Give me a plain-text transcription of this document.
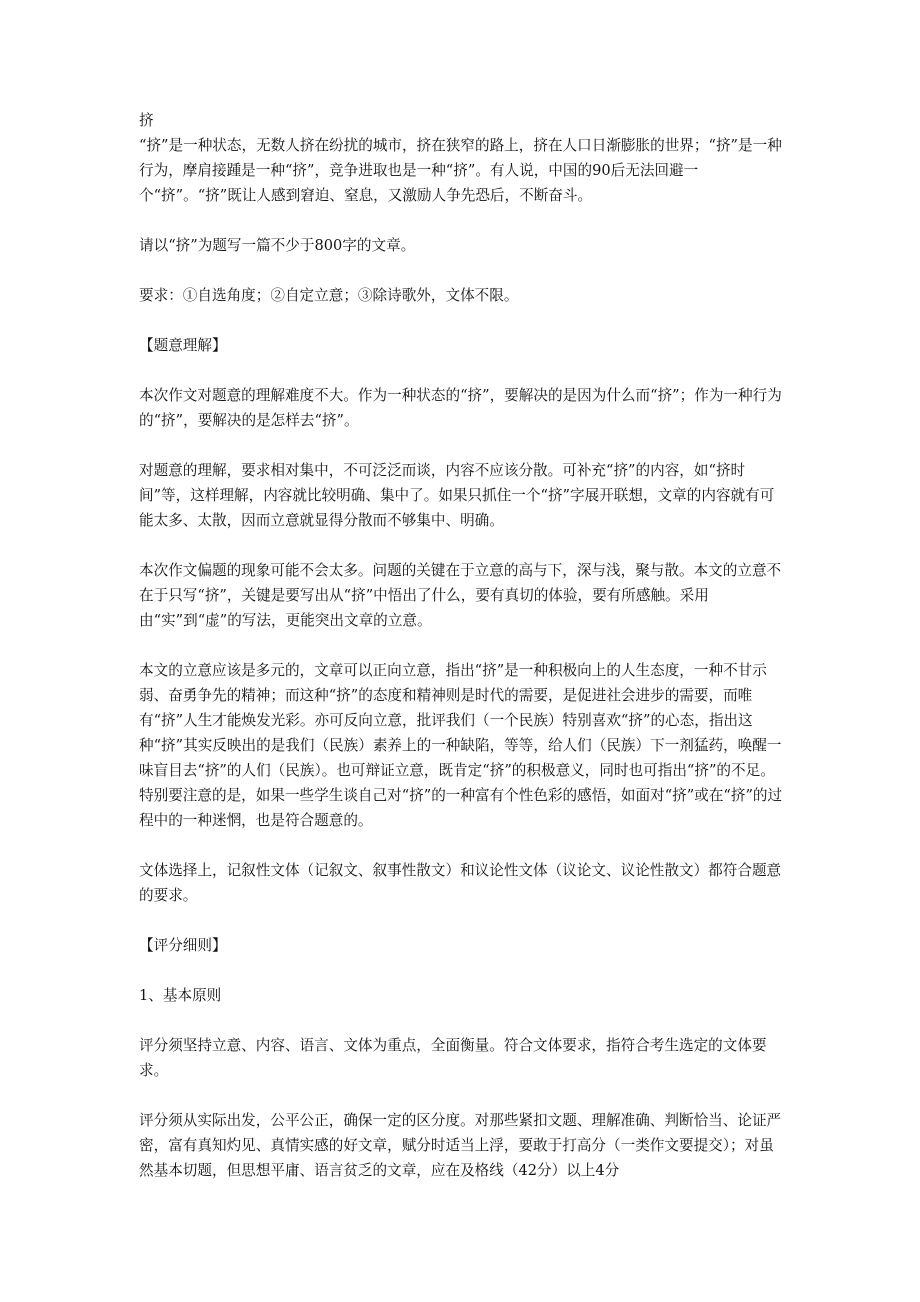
挤

“挤”是一种状态，无数人挤在纷扰的城市，挤在狭窄的路上，挤在人口日渐膨胀的世界；“挤”是一种行为，摩肩接踵是一种“挤”，竞争进取也是一种“挤”。有人说，中国的90后无法回避一个“挤”。“挤”既让人感到窘迫、窒息，又激励人争先恐后，不断奋斗。

请以“挤”为题写一篇不少于800字的文章。

要求：①自选角度；②自定立意；③除诗歌外，文体不限。

【题意理解】

本次作文对题意的理解难度不大。作为一种状态的“挤”，要解决的是因为什么而“挤”；作为一种行为的“挤”，要解决的是怎样去“挤”。

对题意的理解，要求相对集中，不可泛泛而谈，内容不应该分散。可补充“挤”的内容，如“挤时间”等，这样理解，内容就比较明确、集中了。如果只抓住一个“挤”字展开联想，文章的内容就有可能太多、太散，因而立意就显得分散而不够集中、明确。

本次作文偏题的现象可能不会太多。问题的关键在于立意的高与下，深与浅，聚与散。本文的立意不在于只写“挤”，关键是要写出从“挤”中悟出了什么，要有真切的体验，要有所感触。采用由“实”到“虚”的写法，更能突出文章的立意。

本文的立意应该是多元的，文章可以正向立意，指出“挤”是一种积极向上的人生态度，一种不甘示弱、奋勇争先的精神；而这种“挤”的态度和精神则是时代的需要，是促进社会进步的需要，而唯有“挤”人生才能焕发光彩。亦可反向立意，批评我们（一个民族）特别喜欢“挤”的心态，指出这种“挤”其实反映出的是我们（民族）素养上的一种缺陷，等等，给人们（民族）下一剂猛药，唤醒一味盲目去“挤”的人们（民族）。也可辩证立意，既肯定“挤”的积极意义，同时也可指出“挤”的不足。特别要注意的是，如果一些学生谈自己对“挤”的一种富有个性色彩的感悟，如面对“挤”或在“挤”的过程中的一种迷惘，也是符合题意的。

文体选择上，记叙性文体（记叙文、叙事性散文）和议论性文体（议论文、议论性散文）都符合题意的要求。

【评分细则】

1、基本原则

评分须坚持立意、内容、语言、文体为重点，全面衡量。符合文体要求，指符合考生选定的文体要求。

评分须从实际出发，公平公正，确保一定的区分度。对那些紧扣文题、理解准确、判断恰当、论证严密，富有真知灼见、真情实感的好文章，赋分时适当上浮，要敢于打高分（一类作文要提交）；对虽然基本切题，但思想平庸、语言贫乏的文章，应在及格线（42分）以上4分
